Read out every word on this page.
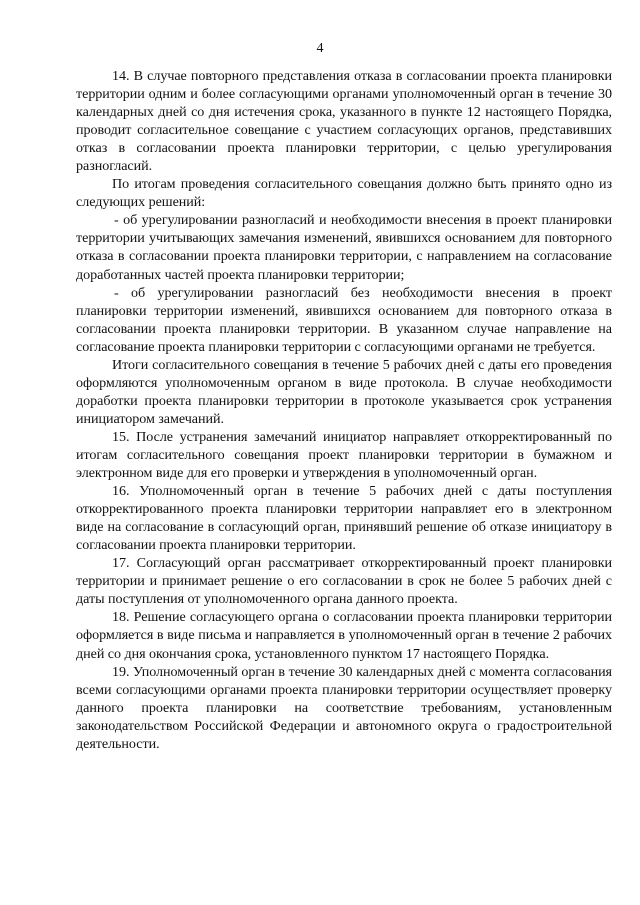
4

14. В случае повторного представления отказа в согласовании проекта планировки территории одним и более согласующими органами уполномоченный орган в течение 30 календарных дней со дня истечения срока, указанного в пункте 12 настоящего Порядка, проводит согласительное совещание с участием согласующих органов, представивших отказ в согласовании проекта планировки территории, с целью урегулирования разногласий.

По итогам проведения согласительного совещания должно быть принято одно из следующих решений:

- об урегулировании разногласий и необходимости внесения в проект планировки территории учитывающих замечания изменений, явившихся основанием для повторного отказа в согласовании проекта планировки территории, с направлением на согласование доработанных частей проекта планировки территории;

- об урегулировании разногласий без необходимости внесения в проект планировки территории изменений, явившихся основанием для повторного отказа в согласовании проекта планировки территории. В указанном случае направление на согласование проекта планировки территории с согласующими органами не требуется.

Итоги согласительного совещания в течение 5 рабочих дней с даты его проведения оформляются уполномоченным органом в виде протокола. В случае необходимости доработки проекта планировки территории в протоколе указывается срок устранения инициатором замечаний.

15. После устранения замечаний инициатор направляет откорректированный по итогам согласительного совещания проект планировки территории в бумажном и электронном виде для его проверки и утверждения в уполномоченный орган.

16. Уполномоченный орган в течение 5 рабочих дней с даты поступления откорректированного проекта планировки территории направляет его в электронном виде на согласование в согласующий орган, принявший решение об отказе инициатору в согласовании проекта планировки территории.

17. Согласующий орган рассматривает откорректированный проект планировки территории и принимает решение о его согласовании в срок не более 5 рабочих дней с даты поступления от уполномоченного органа данного проекта.

18. Решение согласующего органа о согласовании проекта планировки территории оформляется в виде письма и направляется в уполномоченный орган в течение 2 рабочих дней со дня окончания срока, установленного пунктом 17 настоящего Порядка.

19. Уполномоченный орган в течение 30 календарных дней с момента согласования всеми согласующими органами проекта планировки территории осуществляет проверку данного проекта планировки на соответствие требованиям, установленным законодательством Российской Федерации и автономного округа о градостроительной деятельности.
